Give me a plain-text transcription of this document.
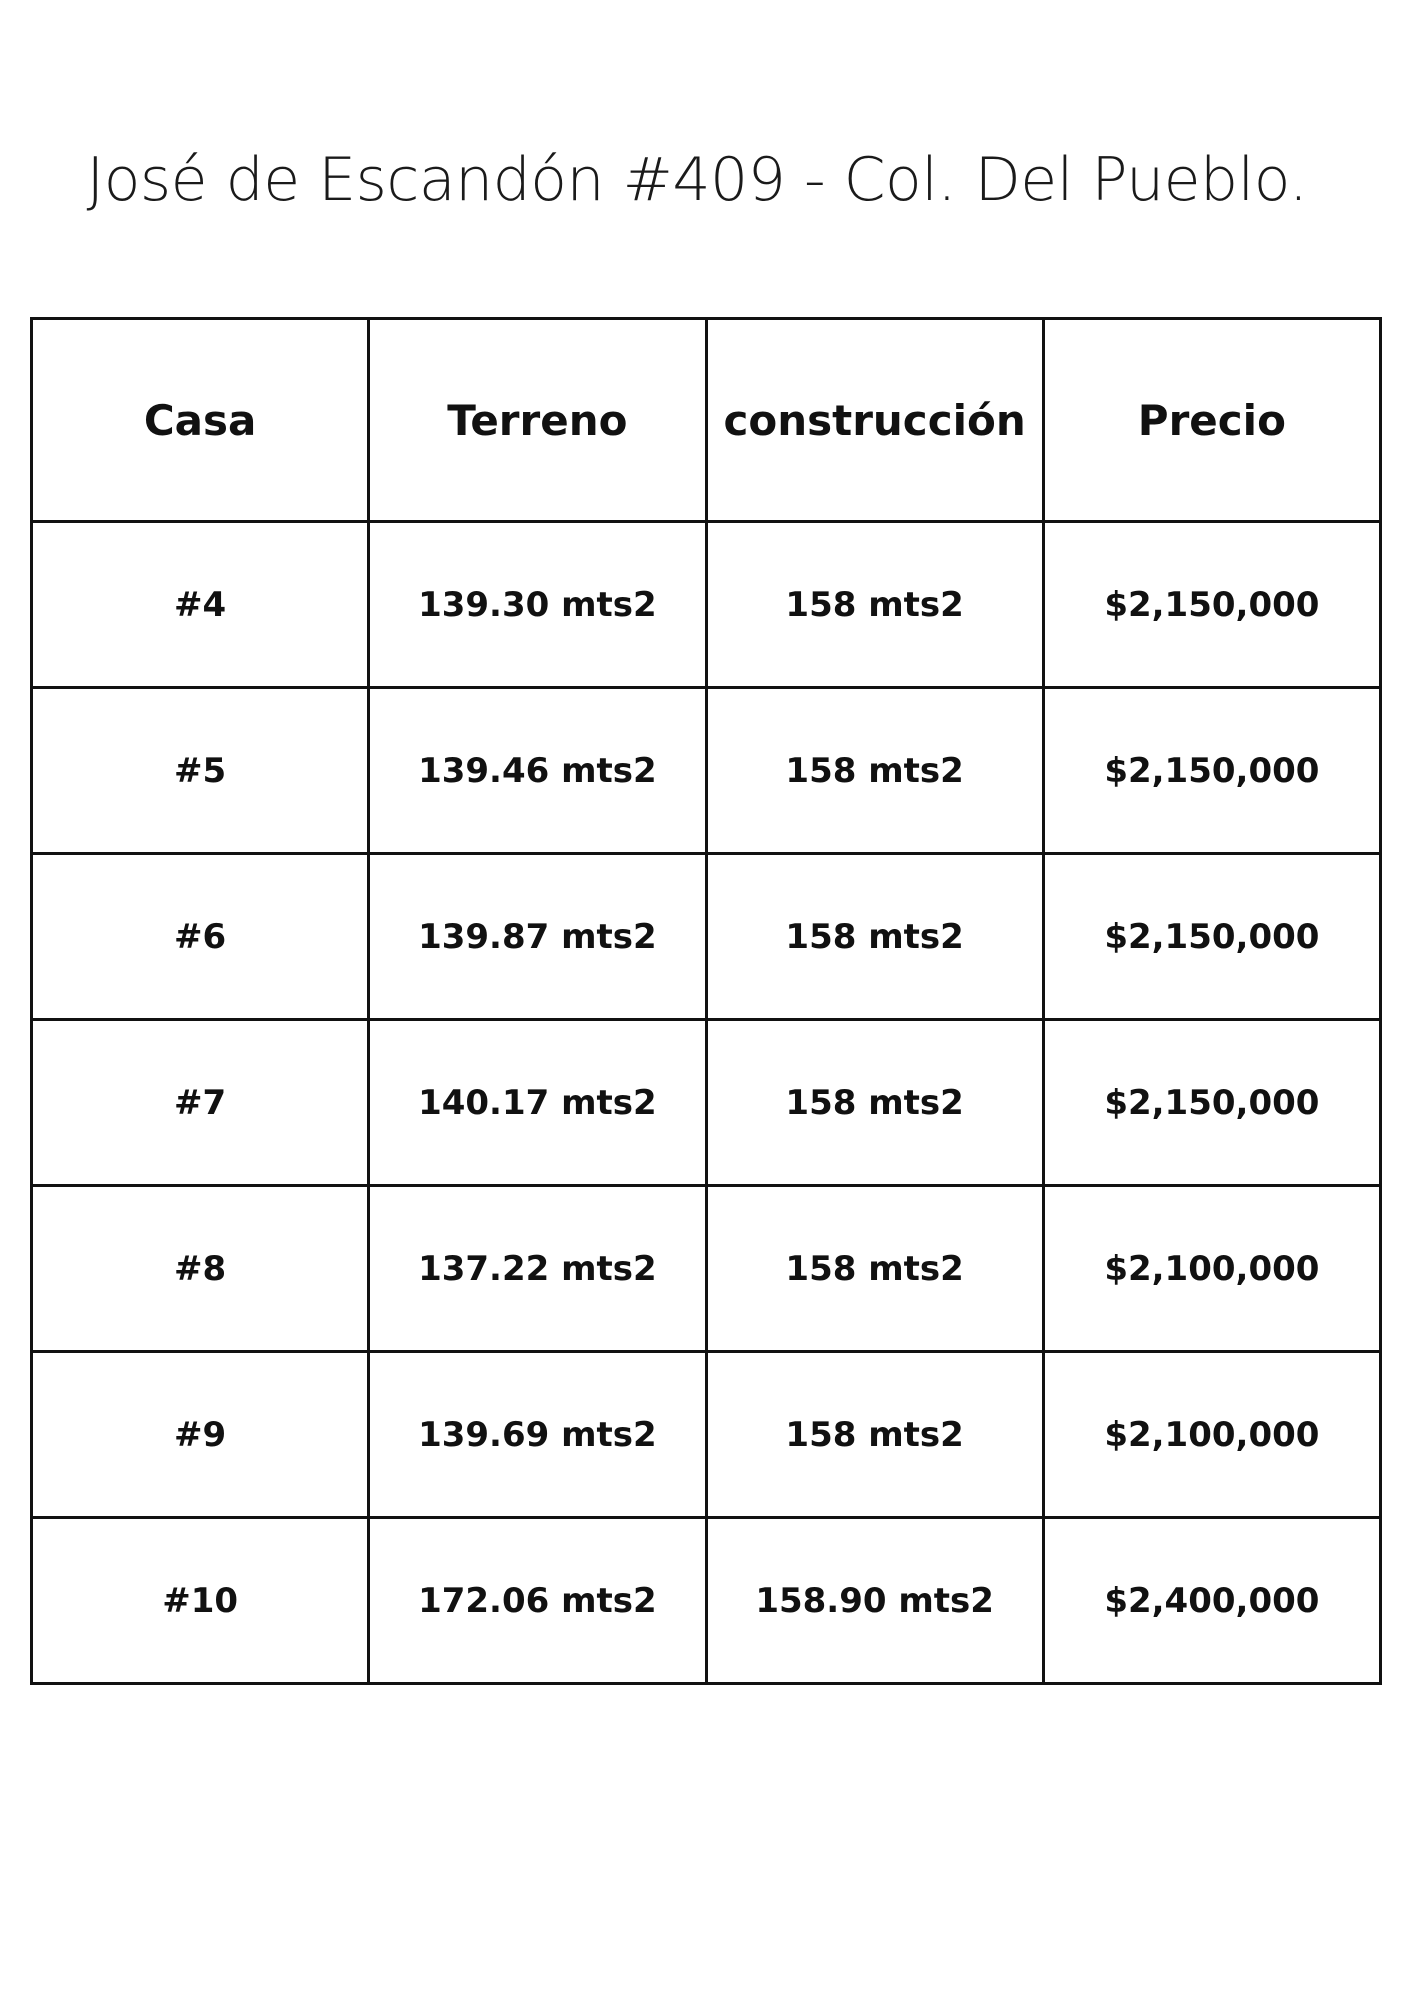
José de Escandón #409 - Col. Del Pueblo.
Casa	Terreno	construcción	Precio
#4	139.30 mts2	158 mts2	$2,150,000
#5	139.46 mts2	158 mts2	$2,150,000
#6	139.87 mts2	158 mts2	$2,150,000
#7	140.17 mts2	158 mts2	$2,150,000
#8	137.22 mts2	158 mts2	$2,100,000
#9	139.69 mts2	158 mts2	$2,100,000
#10	172.06 mts2	158.90 mts2	$2,400,000
